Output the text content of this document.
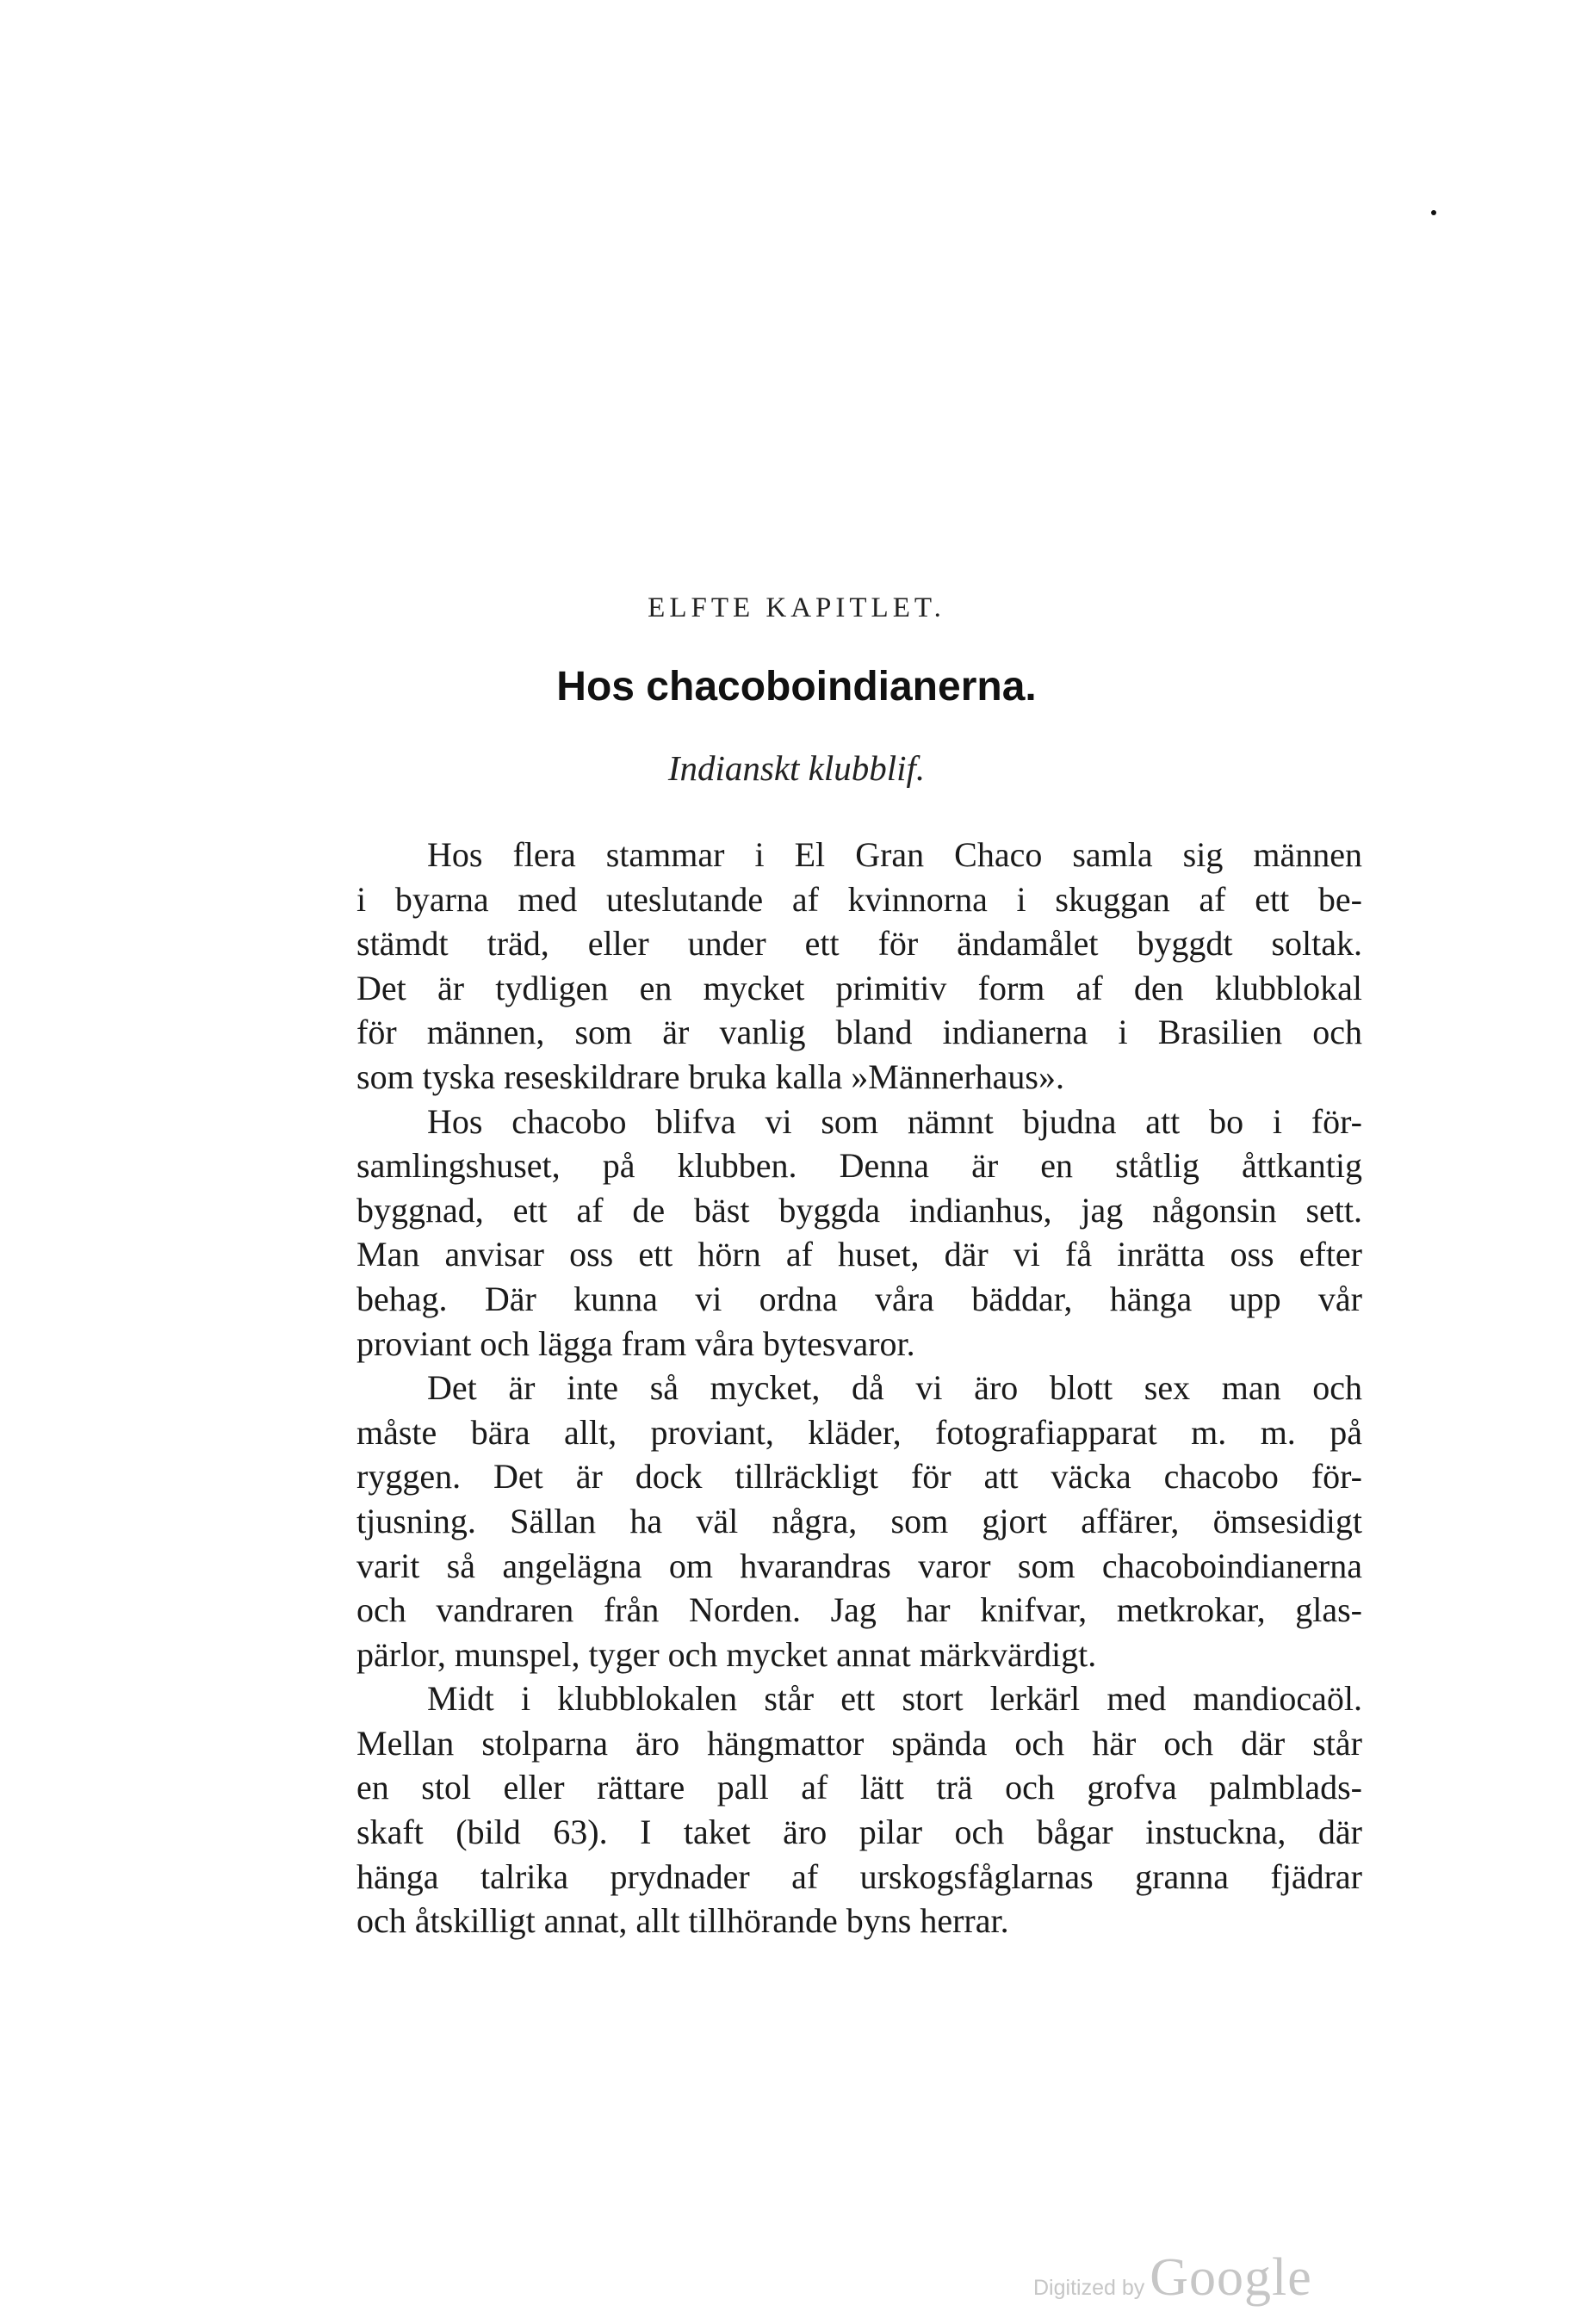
ELFTE KAPITLET.
Hos chacoboindianerna.
Indianskt klubblif.
Hos flera stammar i El Gran Chaco samla sig männen
i byarna med uteslutande af kvinnorna i skuggan af ett be-
stämdt träd, eller under ett för ändamålet byggdt soltak.
Det är tydligen en mycket primitiv form af den klubblokal
för männen, som är vanlig bland indianerna i Brasilien och
som tyska reseskildrare bruka kalla »Männerhaus».
Hos chacobo blifva vi som nämnt bjudna att bo i för-
samlingshuset, på klubben. Denna är en ståtlig åttkantig
byggnad, ett af de bäst byggda indianhus, jag någonsin sett.
Man anvisar oss ett hörn af huset, där vi få inrätta oss efter
behag. Där kunna vi ordna våra bäddar, hänga upp vår
proviant och lägga fram våra bytesvaror.
Det är inte så mycket, då vi äro blott sex man och
måste bära allt, proviant, kläder, fotografiapparat m. m. på
ryggen. Det är dock tillräckligt för att väcka chacobo för-
tjusning. Sällan ha väl några, som gjort affärer, ömsesidigt
varit så angelägna om hvarandras varor som chacoboindianerna
och vandraren från Norden. Jag har knifvar, metkrokar, glas-
pärlor, munspel, tyger och mycket annat märkvärdigt.
Midt i klubblokalen står ett stort lerkärl med mandiocaöl.
Mellan stolparna äro hängmattor spända och här och där står
en stol eller rättare pall af lätt trä och grofva palmblads-
skaft (bild 63). I taket äro pilar och bågar instuckna, där
hänga talrika prydnader af urskogsfåglarnas granna fjädrar
och åtskilligt annat, allt tillhörande byns herrar.
Digitized by Google
